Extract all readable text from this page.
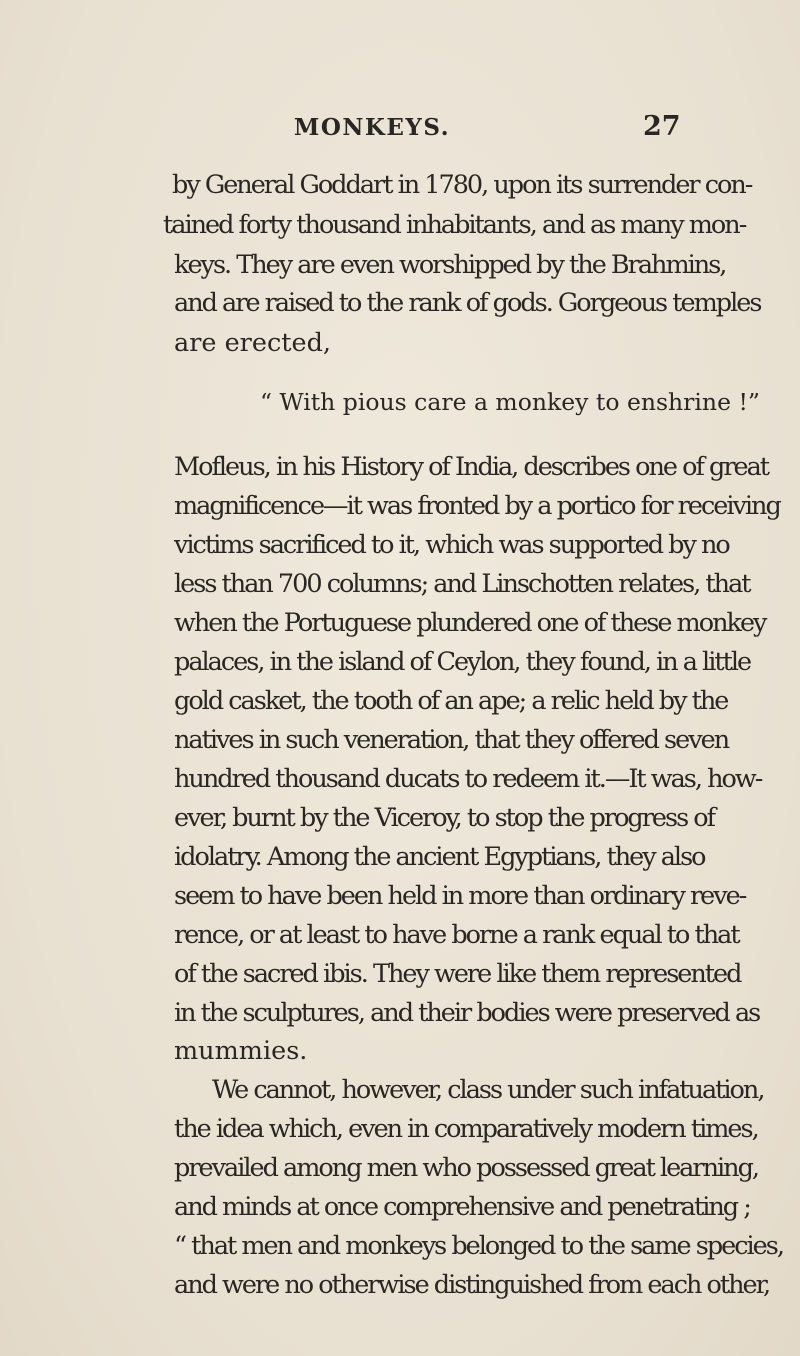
MONKEYS.	27
by General Goddart in 1780, upon its surrender con-
tained forty thousand inhabitants, and as many mon-
keys. They are even worshipped by the Brahmins,
and are raised to the rank of gods. Gorgeous temples
are erected,
“ With pious care a monkey to enshrine !”
Mofleus, in his History of India, describes one of great
magnificence—it was fronted by a portico for receiving
victims sacrificed to it, which was supported by no
less than 700 columns; and Linschotten relates, that
when the Portuguese plundered one of these monkey
palaces, in the island of Ceylon, they found, in a little
gold casket, the tooth of an ape; a relic held by the
natives in such veneration, that they offered seven
hundred thousand ducats to redeem it.—It was, how-
ever, burnt by the Viceroy, to stop the progress of
idolatry. Among the ancient Egyptians, they also
seem to have been held in more than ordinary reve-
rence, or at least to have borne a rank equal to that
of the sacred ibis. They were like them represented
in the sculptures, and their bodies were preserved as
mummies.
We cannot, however, class under such infatuation,
the idea which, even in comparatively modern times,
prevailed among men who possessed great learning,
and minds at once comprehensive and penetrating ;
“ that men and monkeys belonged to the same species,
and were no otherwise distinguished from each other,
